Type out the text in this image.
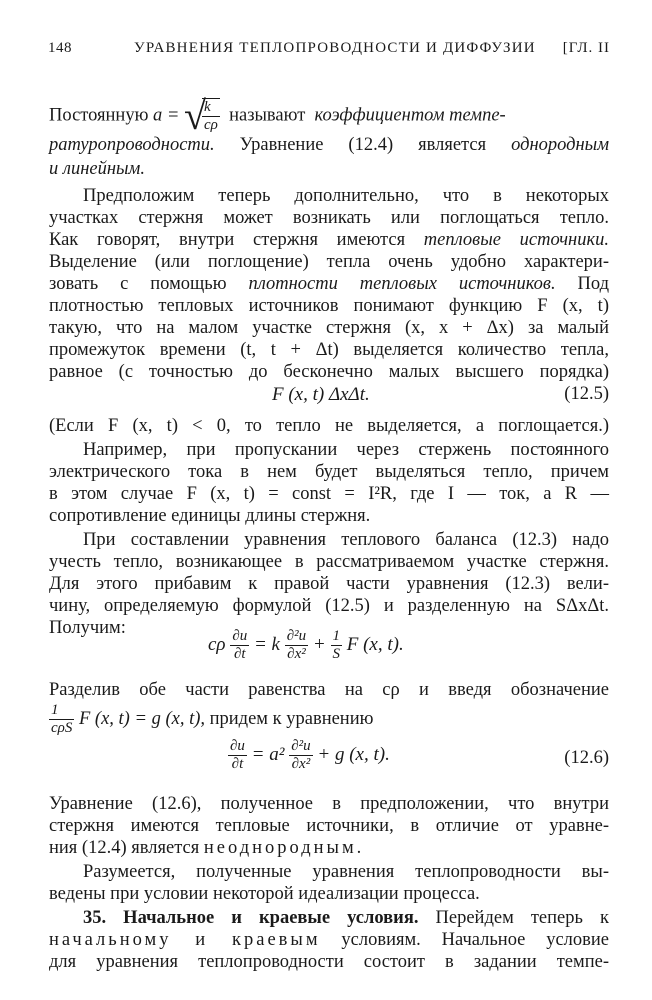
148	УРАВНЕНИЯ ТЕПЛОПРОВОДНОСТИ И ДИФФУЗИИ [ГЛ. II
Постоянную a = √
$\frac{k}{c\rho}$ называют коэффициентом темпе-
ратуропроводности. Уравнение (12.4) является однородным
и линейным.
Предположим теперь дополнительно, что в некоторых
участках стержня может возникать или поглощаться тепло.
Как говорят, внутри стержня имеются тепловые источники.
Выделение (или поглощение) тепла очень удобно характери-
зовать с помощью плотности тепловых источников. Под
плотностью тепловых источников понимают функцию F (x, t)
такую, что на малом участке стержня (x, x + Δx) за малый
промежуток времени (t, t + Δt) выделяется количество тепла,
равное (с точностью до бесконечно малых высшего порядка)
F (x, t) ΔxΔt.	(12.5)
(Если F (x, t) < 0, то тепло не выделяется, а поглощается.)
Например, при пропускании через стержень постоянного
электрического тока в нем будет выделяться тепло, причем
в этом случае F (x, t) = const = I²R, где I — ток, а R —
сопротивление единицы длины стержня.
При составлении уравнения теплового баланса (12.3) надо
учесть тепло, возникающее в рассматриваемом участке стержня.
Для этого прибавим к правой части уравнения (12.3) вели-
чину, определяемую формулой (12.5) и разделенную на SΔxΔt.
Получим:
cρ $\frac{\partial u}{\partial t} = k \frac{\text{∂²u}}{\text{∂x²}} + \frac{1}{S}$ F (x, t).
Разделив обе части равенства на cρ и введя обозначение
$\frac{1}{\text{cρS}}$ F (x, t) = g (x, t), придем к уравнению
$\frac{\partial u}{\partial t} = a^2 \frac{\text{∂²u}}{\text{∂x²}} + g$ (x, t).	(12.6)
Уравнение (12.6), полученное в предположении, что внутри
стержня имеются тепловые источники, в отличие от уравне-
ния (12.4) является неоднородным.
Разумеется, полученные уравнения теплопроводности вы-
ведены при условии некоторой идеализации процесса.
35. Начальное и краевые условия. Перейдем теперь к
начальному и краевым условиям. Начальное условие
для уравнения теплопроводности состоит в задании темпе-
